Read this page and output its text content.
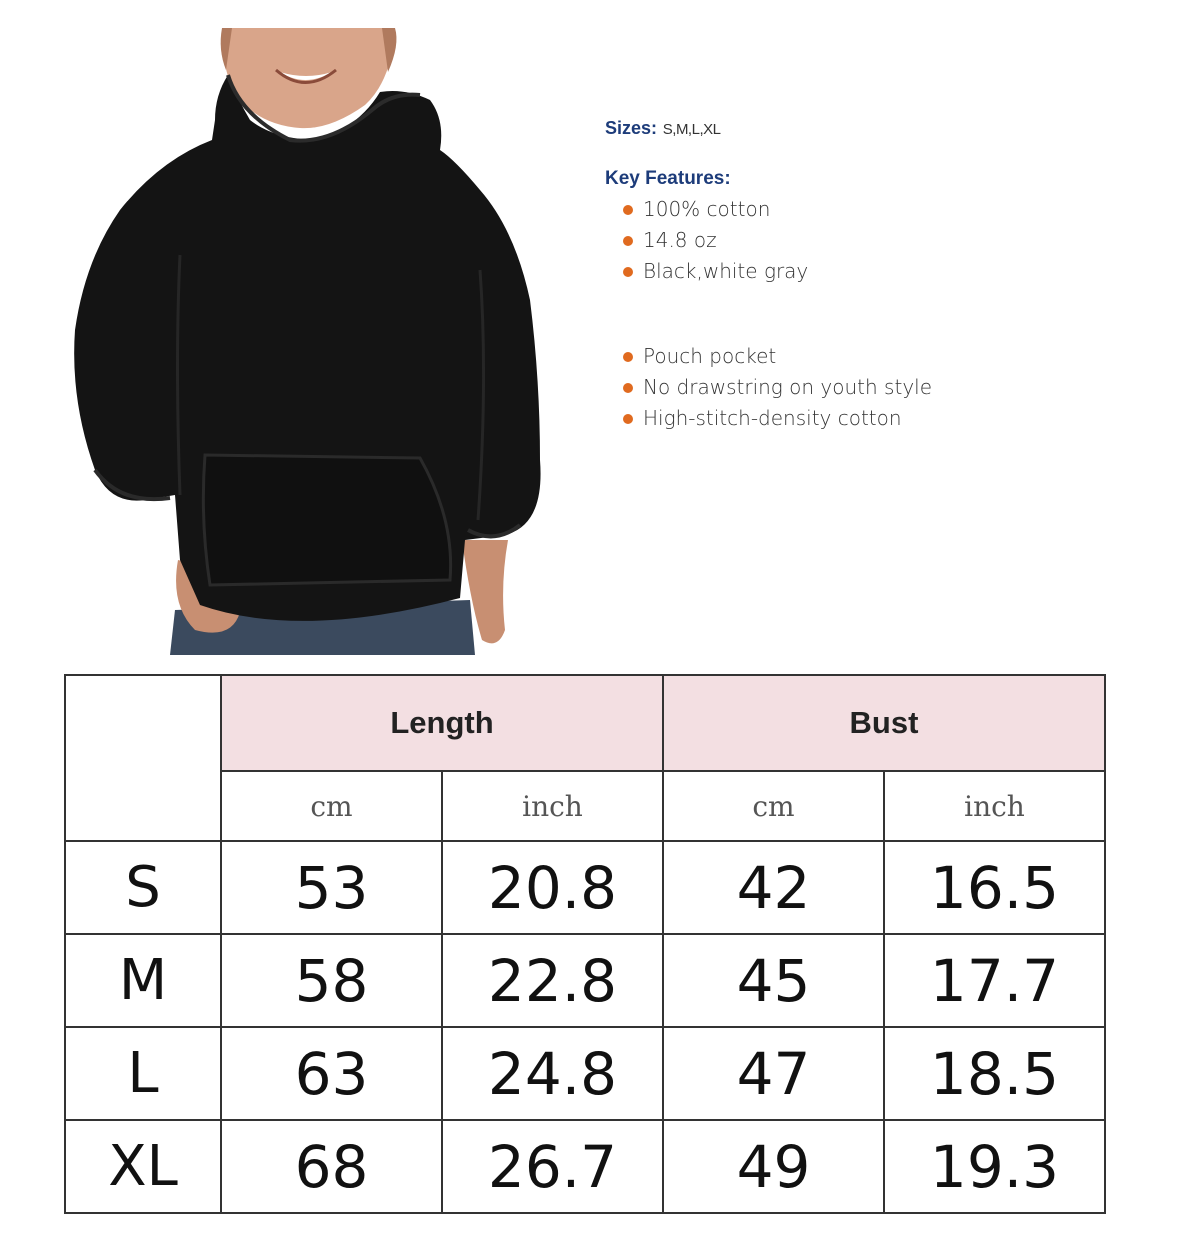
Sizes: S,M,L,XL
Key Features:
100% cotton
14.8 oz
Black,white gray
Pouch pocket
No drawstring on youth style
High-stitch-density cotton
	Length		Bust	
	cm	inch	cm	inch
S	53	20.8	42	16.5
M	58	22.8	45	17.7
L	63	24.8	47	18.5
XL	68	26.7	49	19.3
